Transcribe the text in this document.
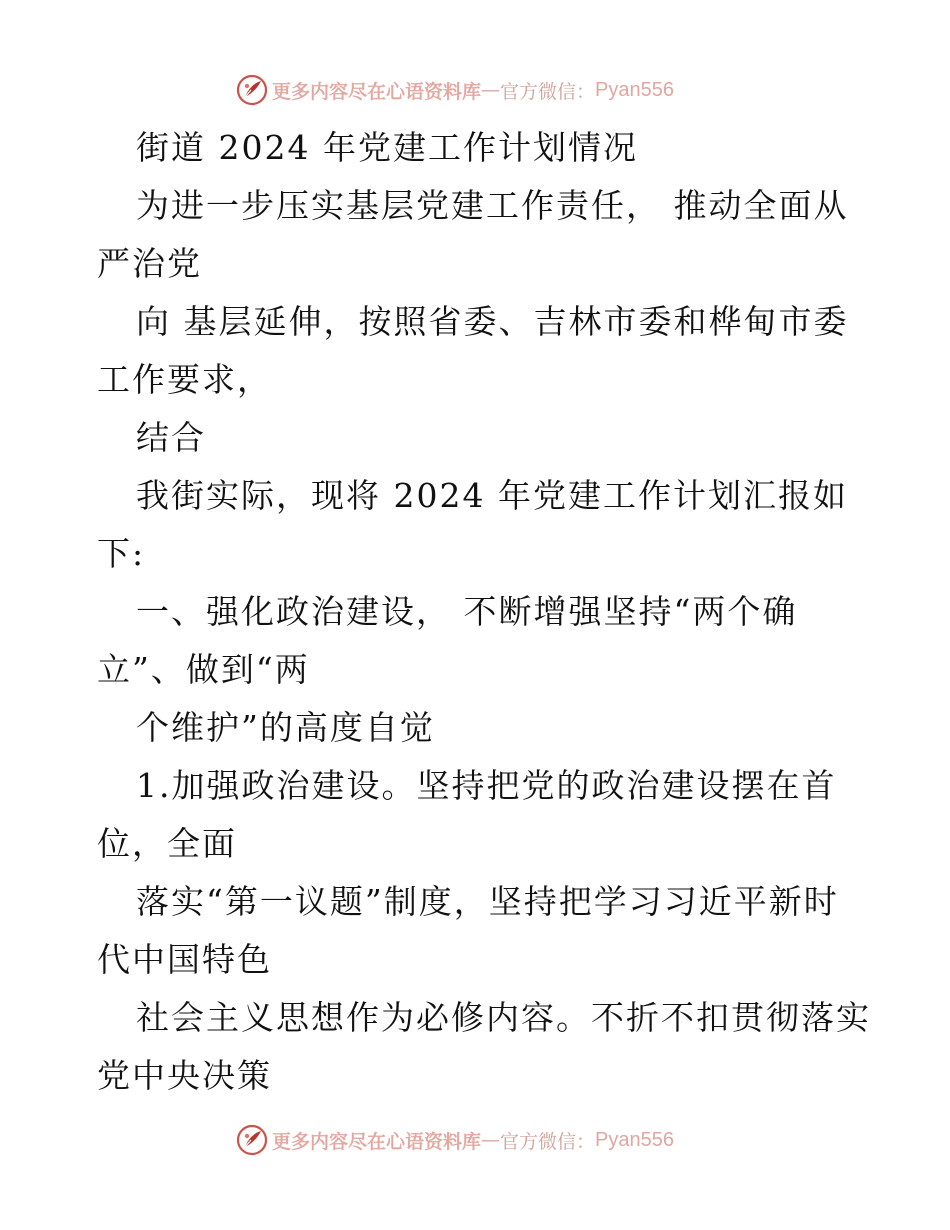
更多内容尽在心语资料库 — 官方微信： Pyan556

街道 2024 年党建工作计划情况

为进一步压实基层党建工作责任， 推动全面从

严治党

向 基层延伸，按照省委、吉林市委和桦甸市委

工作要求，

结合

我街实际，现将 2024 年党建工作计划汇报如

下:

一、强化政治建设， 不断增强坚持“两个确

立”、做到“两

个维护”的高度自觉

1.加强政治建设。坚持把党的政治建设摆在首

位，全面

落实“第一议题”制度，坚持把学习习近平新时

代中国特色

社会主义思想作为必修内容。不折不扣贯彻落实

党中央决策

更多内容尽在心语资料库 — 官方微信： Pyan556
